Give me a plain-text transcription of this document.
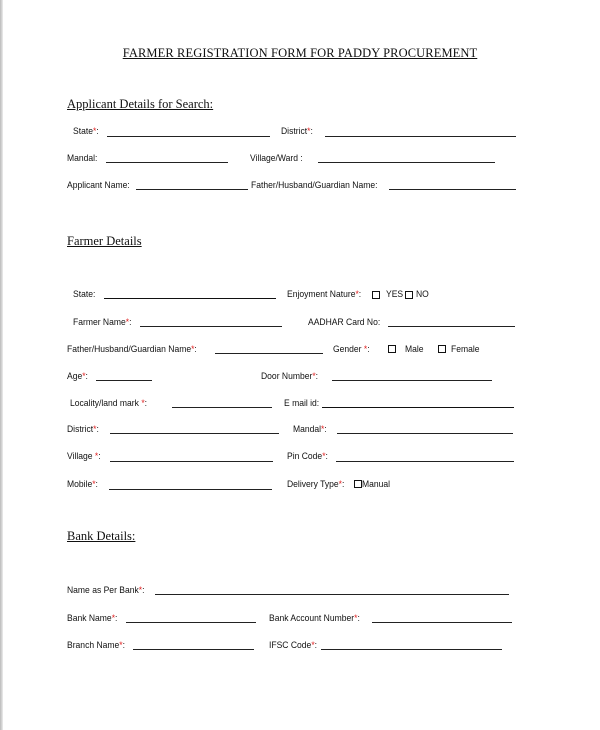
FARMER REGISTRATION FORM FOR PADDY PROCUREMENT
Applicant Details for Search:
State*:	District*:
Mandal:	Village/Ward :
Applicant Name:	Father/Husband/Guardian Name:
Farmer Details
State:	Enjoyment Nature*:	YES NO
Farmer Name*:	AADHAR Card No:
Father/Husband/Guardian Name*:	Gender *:	Male	Female
Age*:	Door Number*:
Locality/land mark *:	E mail id:
District*:	Mandal*:
Village *:	Pin Code*:
Mobile*:	Delivery Type*: Manual
Bank Details:
Name as Per Bank*:
Bank Name*:	Bank Account Number*:
Branch Name*:	IFSC Code*:
